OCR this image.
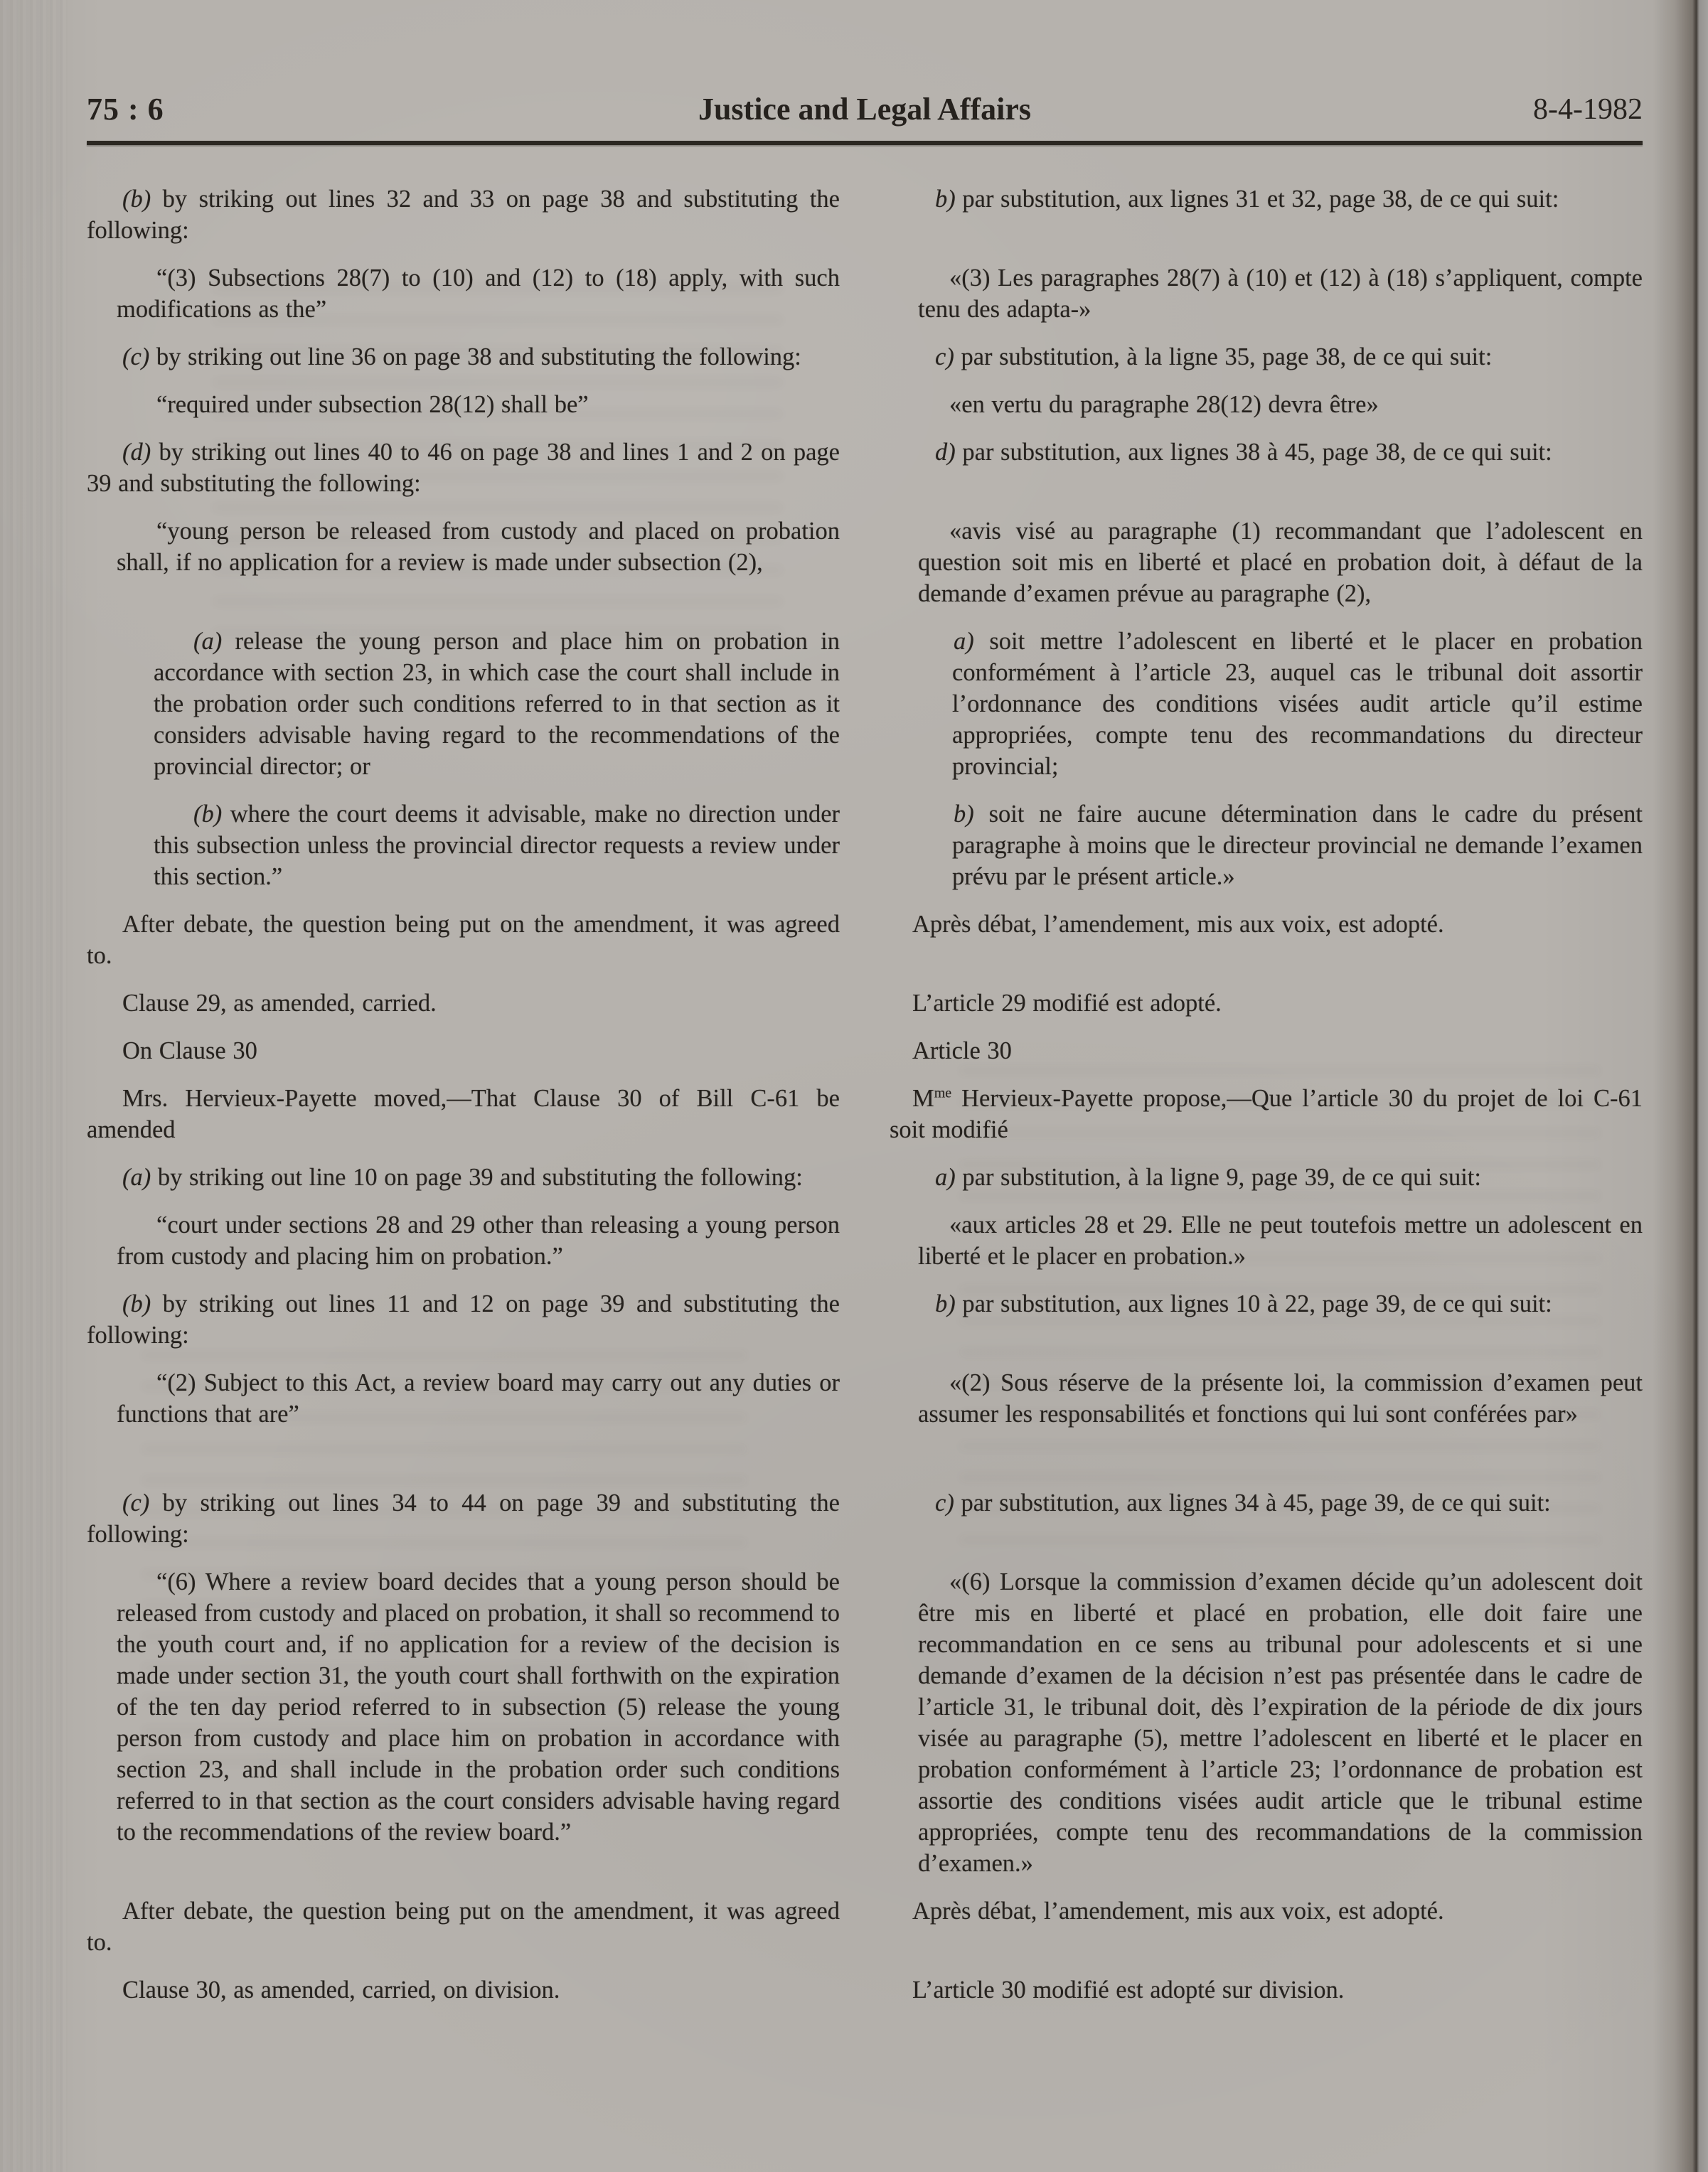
75 : 6	Justice and Legal Affairs	8-4-1982

(b) by striking out lines 32 and 33 on page 38 and substituting the following:

b) par substitution, aux lignes 31 et 32, page 38, de ce qui suit:

“(3) Subsections 28(7) to (10) and (12) to (18) apply, with such modifications as the”

«(3) Les paragraphes 28(7) à (10) et (12) à (18) s’appliquent, compte tenu des adapta-»

(c) by striking out line 36 on page 38 and substituting the following:	c) par substitution, à la ligne 35, page 38, de ce qui suit:

“required under subsection 28(12) shall be”	«en vertu du paragraphe 28(12) devra être»

(d) by striking out lines 40 to 46 on page 38 and lines 1 and 2 on page 39 and substituting the following:

d) par substitution, aux lignes 38 à 45, page 38, de ce qui suit:

“young person be released from custody and placed on probation shall, if no application for a review is made under subsection (2),

«avis visé au paragraphe (1) recommandant que l’adolescent en question soit mis en liberté et placé en probation doit, à défaut de la demande d’examen prévue au paragraphe (2),

(a) release the young person and place him on probation in accordance with section 23, in which case the court shall include in the probation order such conditions referred to in that section as it considers advisable having regard to the recommendations of the provincial director; or

a) soit mettre l’adolescent en liberté et le placer en probation conformément à l’article 23, auquel cas le tribunal doit assortir l’ordonnance des conditions visées audit article qu’il estime appropriées, compte tenu des recommandations du directeur provincial;

(b) where the court deems it advisable, make no direction under this subsection unless the provincial director requests a review under this section.”

b) soit ne faire aucune détermination dans le cadre du présent paragraphe à moins que le directeur provincial ne demande l’examen prévu par le présent article.»

After debate, the question being put on the amendment, it was agreed to.

Après débat, l’amendement, mis aux voix, est adopté.

Clause 29, as amended, carried.	L’article 29 modifié est adopté.

On Clause 30	Article 30

Mrs. Hervieux-Payette moved,—That Clause 30 of Bill C-61 be amended

$M^{me}$ Hervieux-Payette propose,—Que l’article 30 du projet de loi C-61 soit modifié

(a) by striking out line 10 on page 39 and substituting the following:	a) par substitution, à la ligne 9, page 39, de ce qui suit:

“court under sections 28 and 29 other than releasing a young person from custody and placing him on probation.”

«aux articles 28 et 29. Elle ne peut toutefois mettre un adolescent en liberté et le placer en probation.»

(b) by striking out lines 11 and 12 on page 39 and substituting the following:

b) par substitution, aux lignes 10 à 22, page 39, de ce qui suit:

“(2) Subject to this Act, a review board may carry out any duties or functions that are”

«(2) Sous réserve de la présente loi, la commission d’examen peut assumer les responsabilités et fonctions qui lui sont conférées par»

(c) by striking out lines 34 to 44 on page 39 and substituting the following:

c) par substitution, aux lignes 34 à 45, page 39, de ce qui suit:

“(6) Where a review board decides that a young person should be released from custody and placed on probation, it shall so recommend to the youth court and, if no application for a review of the decision is made under section 31, the youth court shall forthwith on the expiration of the ten day period referred to in subsection (5) release the young person from custody and place him on probation in accordance with section 23, and shall include in the probation order such conditions referred to in that section as the court considers advisable having regard to the recommendations of the review board.”

«(6) Lorsque la commission d’examen décide qu’un adolescent doit être mis en liberté et placé en probation, elle doit faire une recommandation en ce sens au tribunal pour adolescents et si une demande d’examen de la décision n’est pas présentée dans le cadre de l’article 31, le tribunal doit, dès l’expiration de la période de dix jours visée au paragraphe (5), mettre l’adolescent en liberté et le placer en probation conformément à l’article 23; l’ordonnance de probation est assortie des conditions visées audit article que le tribunal estime appropriées, compte tenu des recommandations de la commission d’examen.»

After debate, the question being put on the amendment, it was agreed to.

Après débat, l’amendement, mis aux voix, est adopté.

Clause 30, as amended, carried, on division.	L’article 30 modifié est adopté sur division.
